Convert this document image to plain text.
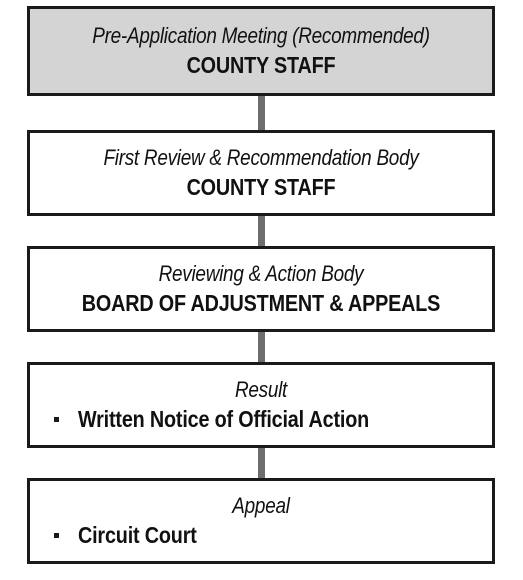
Pre-Application Meeting (Recommended)
COUNTY STAFF
First Review & Recommendation Body
COUNTY STAFF
Reviewing & Action Body
BOARD OF ADJUSTMENT & APPEALS
Result
Written Notice of Official Action
Appeal
Circuit Court
